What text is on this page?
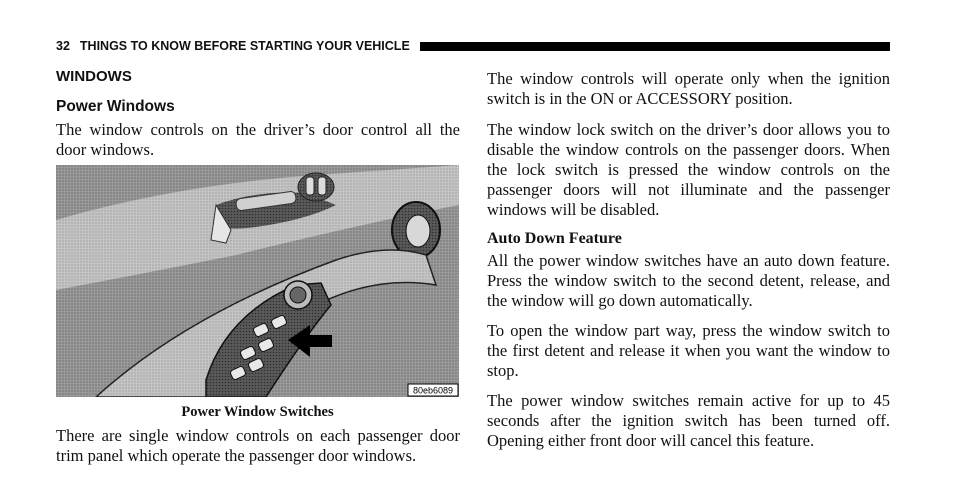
32 THINGS TO KNOW BEFORE STARTING YOUR VEHICLE
WINDOWS
Power Windows

The window controls on the driver’s door control all the door windows.

80eb6089

Power Window Switches

There are single window controls on each passenger door trim panel which operate the passenger door windows.

The window controls will operate only when the ignition switch is in the ON or ACCESSORY position.

The window lock switch on the driver’s door allows you to disable the window controls on the passenger doors. When the lock switch is pressed the window controls on the passenger doors will not illuminate and the passenger windows will be disabled.

Auto Down Feature

All the power window switches have an auto down feature. Press the window switch to the second detent, release, and the window will go down automatically.

To open the window part way, press the window switch to the first detent and release it when you want the window to stop.

The power window switches remain active for up to 45 seconds after the ignition switch has been turned off. Opening either front door will cancel this feature.
